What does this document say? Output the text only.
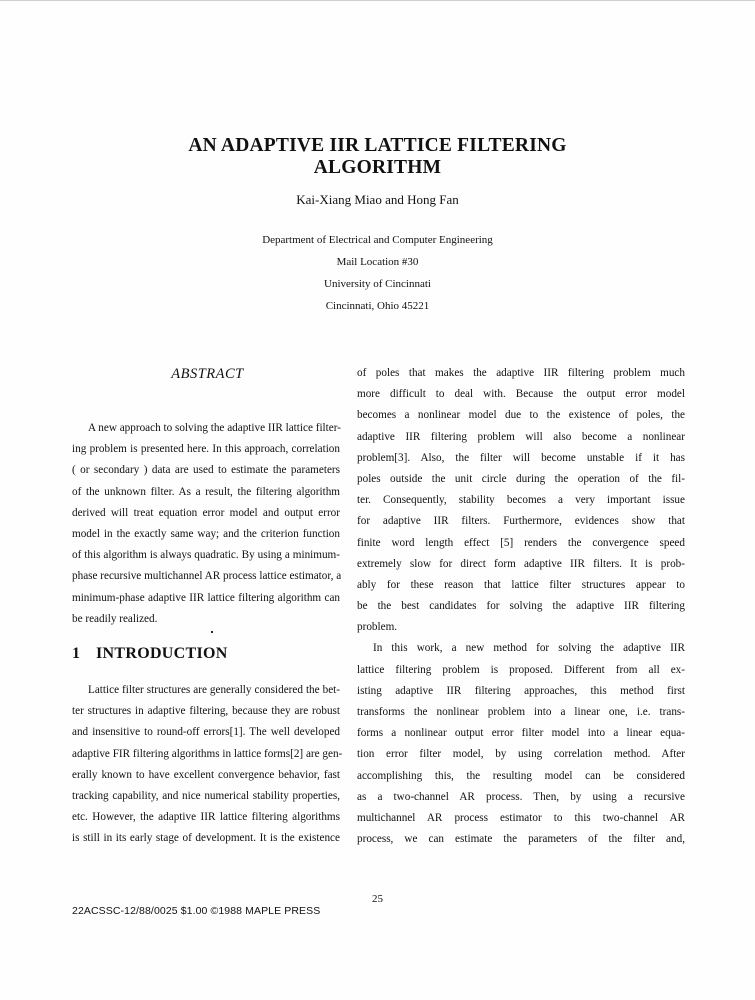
AN ADAPTIVE IIR LATTICE FILTERING
ALGORITHM
Kai-Xiang Miao and Hong Fan
Department of Electrical and Computer Engineering
Mail Location #30
University of Cincinnati
Cincinnati, Ohio 45221
ABSTRACT
A new approach to solving the adaptive IIR lattice filter-
ing problem is presented here. In this approach, correlation
( or secondary ) data are used to estimate the parameters
of the unknown filter. As a result, the filtering algorithm
derived will treat equation error model and output error
model in the exactly same way; and the criterion function
of this algorithm is always quadratic. By using a minimum-
phase recursive multichannel AR process lattice estimator, a
minimum-phase adaptive IIR lattice filtering algorithm can
be readily realized.
1 INTRODUCTION
Lattice filter structures are generally considered the bet-
ter structures in adaptive filtering, because they are robust
and insensitive to round-off errors[1]. The well developed
adaptive FIR filtering algorithms in lattice forms[2] are gen-
erally known to have excellent convergence behavior, fast
tracking capability, and nice numerical stability properties,
etc. However, the adaptive IIR lattice filtering algorithms
is still in its early stage of development. It is the existence
of poles that makes the adaptive IIR filtering problem much
more difficult to deal with. Because the output error model
becomes a nonlinear model due to the existence of poles, the
adaptive IIR filtering problem will also become a nonlinear
problem[3]. Also, the filter will become unstable if it has
poles outside the unit circle during the operation of the fil-
ter. Consequently, stability becomes a very important issue
for adaptive IIR filters. Furthermore, evidences show that
finite word length effect [5] renders the convergence speed
extremely slow for direct form adaptive IIR filters. It is prob-
ably for these reason that lattice filter structures appear to
be the best candidates for solving the adaptive IIR filtering
problem.
In this work, a new method for solving the adaptive IIR
lattice filtering problem is proposed. Different from all ex-
isting adaptive IIR filtering approaches, this method first
transforms the nonlinear problem into a linear one, i.e. trans-
forms a nonlinear output error filter model into a linear equa-
tion error filter model, by using correlation method. After
accomplishing this, the resulting model can be considered
as a two-channel AR process. Then, by using a recursive
multichannel AR process estimator to this two-channel AR
process, we can estimate the parameters of the filter and,
25
22ACSSC-12/88/0025 $1.00 ©1988 MAPLE PRESS
